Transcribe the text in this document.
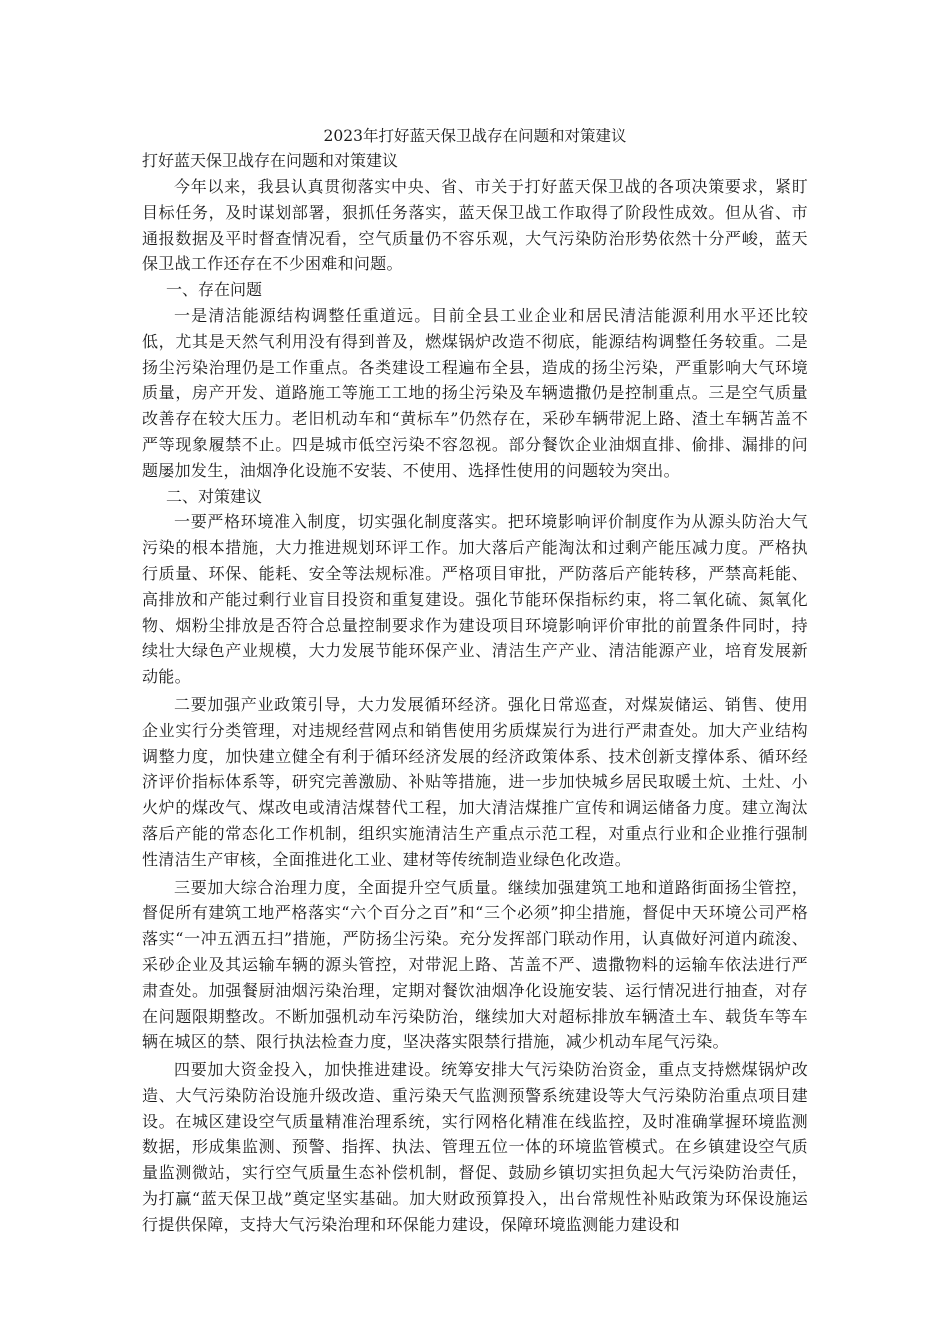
2023年打好蓝天保卫战存在问题和对策建议

打好蓝天保卫战存在问题和对策建议

今年以来，我县认真贯彻落实中央、省、市关于打好蓝天保卫战的各项决策要求，紧盯目标任务，及时谋划部署，狠抓任务落实，蓝天保卫战工作取得了阶段性成效。但从省、市通报数据及平时督查情况看，空气质量仍不容乐观，大气污染防治形势依然十分严峻，蓝天保卫战工作还存在不少困难和问题。

一、存在问题

一是清洁能源结构调整任重道远。目前全县工业企业和居民清洁能源利用水平还比较低，尤其是天然气利用没有得到普及，燃煤锅炉改造不彻底，能源结构调整任务较重。二是扬尘污染治理仍是工作重点。各类建设工程遍布全县，造成的扬尘污染，严重影响大气环境质量，房产开发、道路施工等施工工地的扬尘污染及车辆遗撒仍是控制重点。三是空气质量改善存在较大压力。老旧机动车和“黄标车”仍然存在，采砂车辆带泥上路、渣土车辆苫盖不严等现象履禁不止。四是城市低空污染不容忽视。部分餐饮企业油烟直排、偷排、漏排的问题屡加发生，油烟净化设施不安装、不使用、选择性使用的问题较为突出。

二、对策建议

一要严格环境准入制度，切实强化制度落实。把环境影响评价制度作为从源头防治大气污染的根本措施，大力推进规划环评工作。加大落后产能淘汰和过剩产能压减力度。严格执行质量、环保、能耗、安全等法规标准。严格项目审批，严防落后产能转移，严禁高耗能、高排放和产能过剩行业盲目投资和重复建设。强化节能环保指标约束，将二氧化硫、氮氧化物、烟粉尘排放是否符合总量控制要求作为建设项目环境影响评价审批的前置条件同时，持续壮大绿色产业规模，大力发展节能环保产业、清洁生产产业、清洁能源产业，培育发展新动能。

二要加强产业政策引导，大力发展循环经济。强化日常巡查，对煤炭储运、销售、使用企业实行分类管理，对违规经营网点和销售使用劣质煤炭行为进行严肃查处。加大产业结构调整力度，加快建立健全有利于循环经济发展的经济政策体系、技术创新支撑体系、循环经济评价指标体系等，研究完善激励、补贴等措施，进一步加快城乡居民取暖土炕、土灶、小火炉的煤改气、煤改电或清洁煤替代工程，加大清洁煤推广宣传和调运储备力度。建立淘汰落后产能的常态化工作机制，组织实施清洁生产重点示范工程，对重点行业和企业推行强制性清洁生产审核，全面推进化工业、建材等传统制造业绿色化改造。

三要加大综合治理力度，全面提升空气质量。继续加强建筑工地和道路街面扬尘管控，督促所有建筑工地严格落实“六个百分之百”和“三个必须”抑尘措施，督促中天环境公司严格落实“一冲五洒五扫”措施，严防扬尘污染。充分发挥部门联动作用，认真做好河道内疏浚、采砂企业及其运输车辆的源头管控，对带泥上路、苫盖不严、遗撒物料的运输车依法进行严肃查处。加强餐厨油烟污染治理，定期对餐饮油烟净化设施安装、运行情况进行抽查，对存在问题限期整改。不断加强机动车污染防治，继续加大对超标排放车辆渣土车、载货车等车辆在城区的禁、限行执法检查力度，坚决落实限禁行措施，减少机动车尾气污染。

四要加大资金投入，加快推进建设。统筹安排大气污染防治资金，重点支持燃煤锅炉改造、大气污染防治设施升级改造、重污染天气监测预警系统建设等大气污染防治重点项目建设。在城区建设空气质量精准治理系统，实行网格化精准在线监控，及时准确掌握环境监测数据，形成集监测、预警、指挥、执法、管理五位一体的环境监管模式。在乡镇建设空气质量监测微站，实行空气质量生态补偿机制，督促、鼓励乡镇切实担负起大气污染防治责任，为打赢“蓝天保卫战”奠定坚实基础。加大财政预算投入，出台常规性补贴政策为环保设施运行提供保障，支持大气污染治理和环保能力建设，保障环境监测能力建设和
